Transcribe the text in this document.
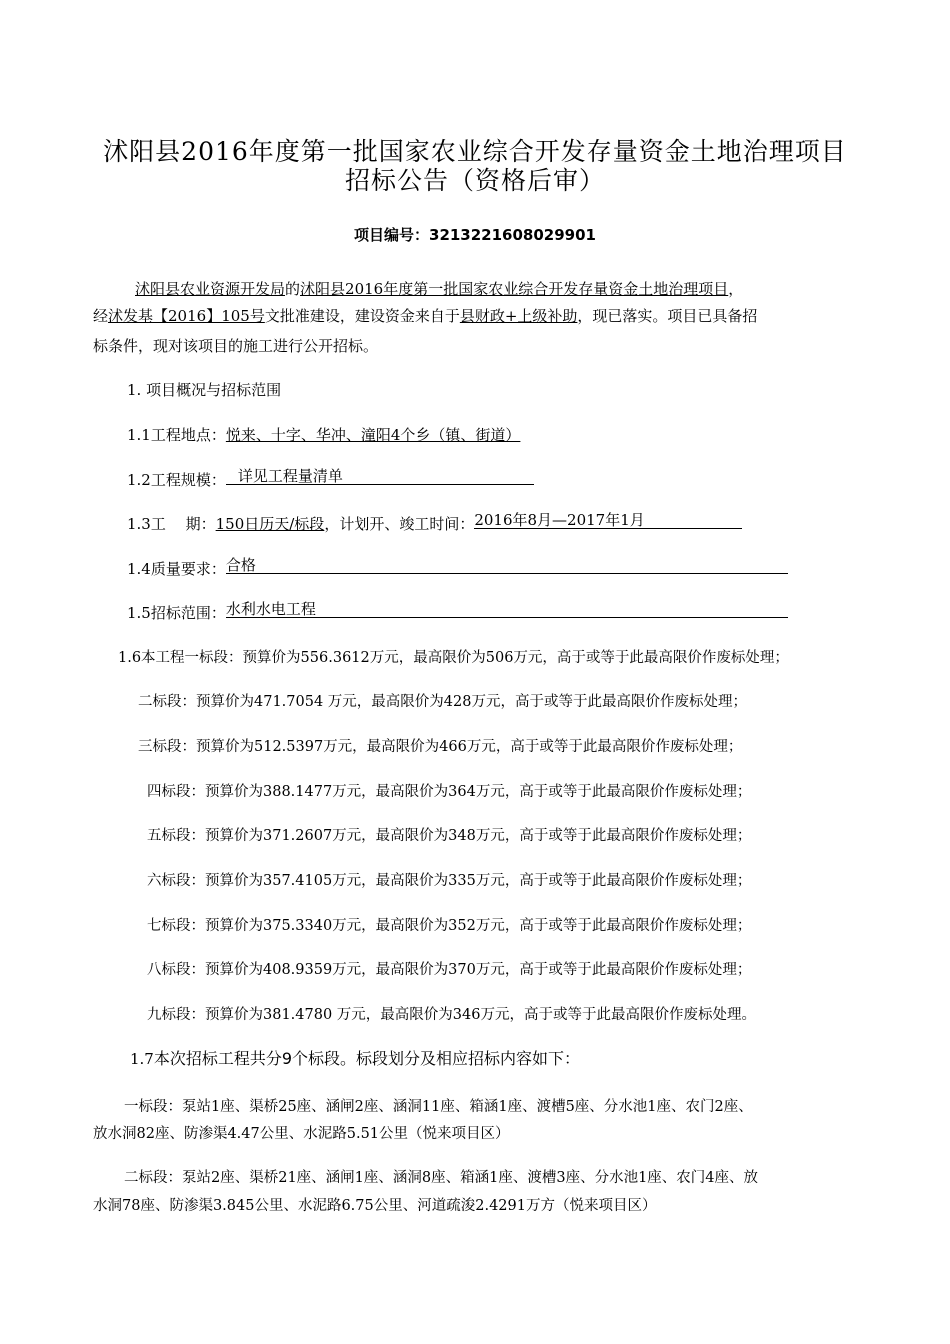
沭阳县2016年度第一批国家农业综合开发存量资金土地治理项目
招标公告（资格后审）
项目编号：3213221608029901
沭阳县农业资源开发局的沭阳县2016年度第一批国家农业综合开发存量资金土地治理项目，
经沭发基【2016】105号文批准建设，建设资金来自于县财政+上级补助，现已落实。项目已具备招
标条件，现对该项目的施工进行公开招标。
1. 项目概况与招标范围
1.1工程地点：悦来、十字、华冲、潼阳4个乡（镇、街道）
1.2工程规模： 详见工程量清单
1.3工　 期：150日历天/标段，计划开、竣工时间： 2016年8月—2017年1月
1.4质量要求： 合格
1.5招标范围： 水利水电工程
1.6本工程一标段：预算价为556.3612万元，最高限价为506万元，高于或等于此最高限价作废标处理；
二标段：预算价为471.7054 万元，最高限价为428万元，高于或等于此最高限价作废标处理；
三标段：预算价为512.5397万元，最高限价为466万元，高于或等于此最高限价作废标处理；
四标段：预算价为388.1477万元，最高限价为364万元，高于或等于此最高限价作废标处理；
五标段：预算价为371.2607万元，最高限价为348万元，高于或等于此最高限价作废标处理；
六标段：预算价为357.4105万元，最高限价为335万元，高于或等于此最高限价作废标处理；
七标段：预算价为375.3340万元，最高限价为352万元，高于或等于此最高限价作废标处理；
八标段：预算价为408.9359万元，最高限价为370万元，高于或等于此最高限价作废标处理；
九标段：预算价为381.4780 万元，最高限价为346万元，高于或等于此最高限价作废标处理。
1.7本次招标工程共分9个标段。标段划分及相应招标内容如下：
一标段：泵站1座、渠桥25座、涵闸2座、涵洞11座、箱涵1座、渡槽5座、分水池1座、农门2座、
放水洞82座、防渗渠4.47公里、水泥路5.51公里（悦来项目区）
二标段：泵站2座、渠桥21座、涵闸1座、涵洞8座、箱涵1座、渡槽3座、分水池1座、农门4座、放
水洞78座、防渗渠3.845公里、水泥路6.75公里、河道疏浚2.4291万方（悦来项目区）
